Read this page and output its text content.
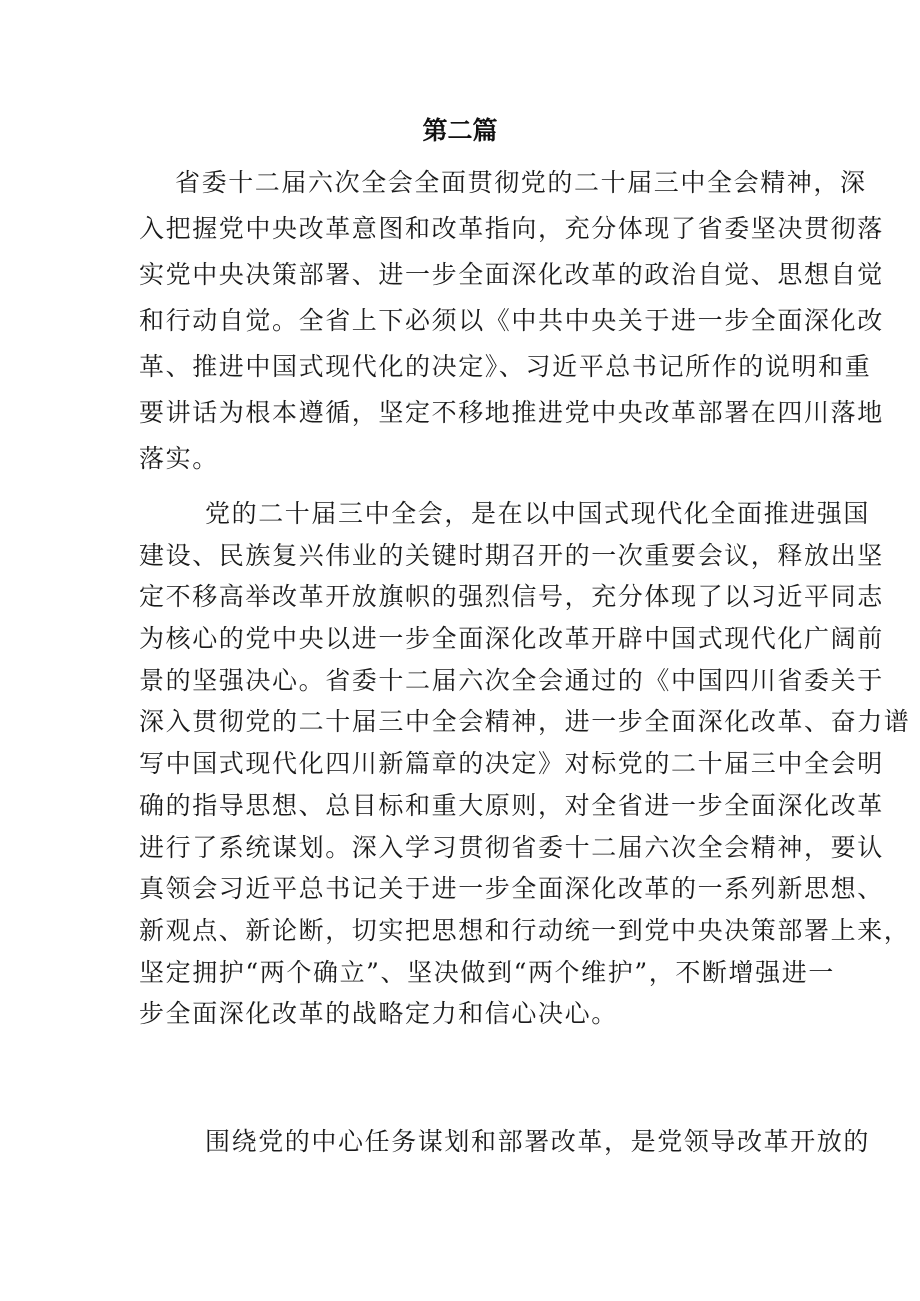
第二篇
省委十二届六次全会全面贯彻党的二十届三中全会精神，深
入把握党中央改革意图和改革指向，充分体现了省委坚决贯彻落
实党中央决策部署、进一步全面深化改革的政治自觉、思想自觉
和行动自觉。全省上下必须以《中共中央关于进一步全面深化改
革、推进中国式现代化的决定》、习近平总书记所作的说明和重
要讲话为根本遵循，坚定不移地推进党中央改革部署在四川落地
落实。
党的二十届三中全会，是在以中国式现代化全面推进强国
建设、民族复兴伟业的关键时期召开的一次重要会议，释放出坚
定不移高举改革开放旗帜的强烈信号，充分体现了以习近平同志
为核心的党中央以进一步全面深化改革开辟中国式现代化广阔前
景的坚强决心。省委十二届六次全会通过的《中国四川省委关于
深入贯彻党的二十届三中全会精神，进一步全面深化改革、奋力谱
写中国式现代化四川新篇章的决定》对标党的二十届三中全会明
确的指导思想、总目标和重大原则，对全省进一步全面深化改革
进行了系统谋划。深入学习贯彻省委十二届六次全会精神，要认
真领会习近平总书记关于进一步全面深化改革的一系列新思想、
新观点、新论断，切实把思想和行动统一到党中央决策部署上来，
坚定拥护“两个确立”、坚决做到“两个维护”，不断增强进一
步全面深化改革的战略定力和信心决心。
围绕党的中心任务谋划和部署改革，是党领导改革开放的
